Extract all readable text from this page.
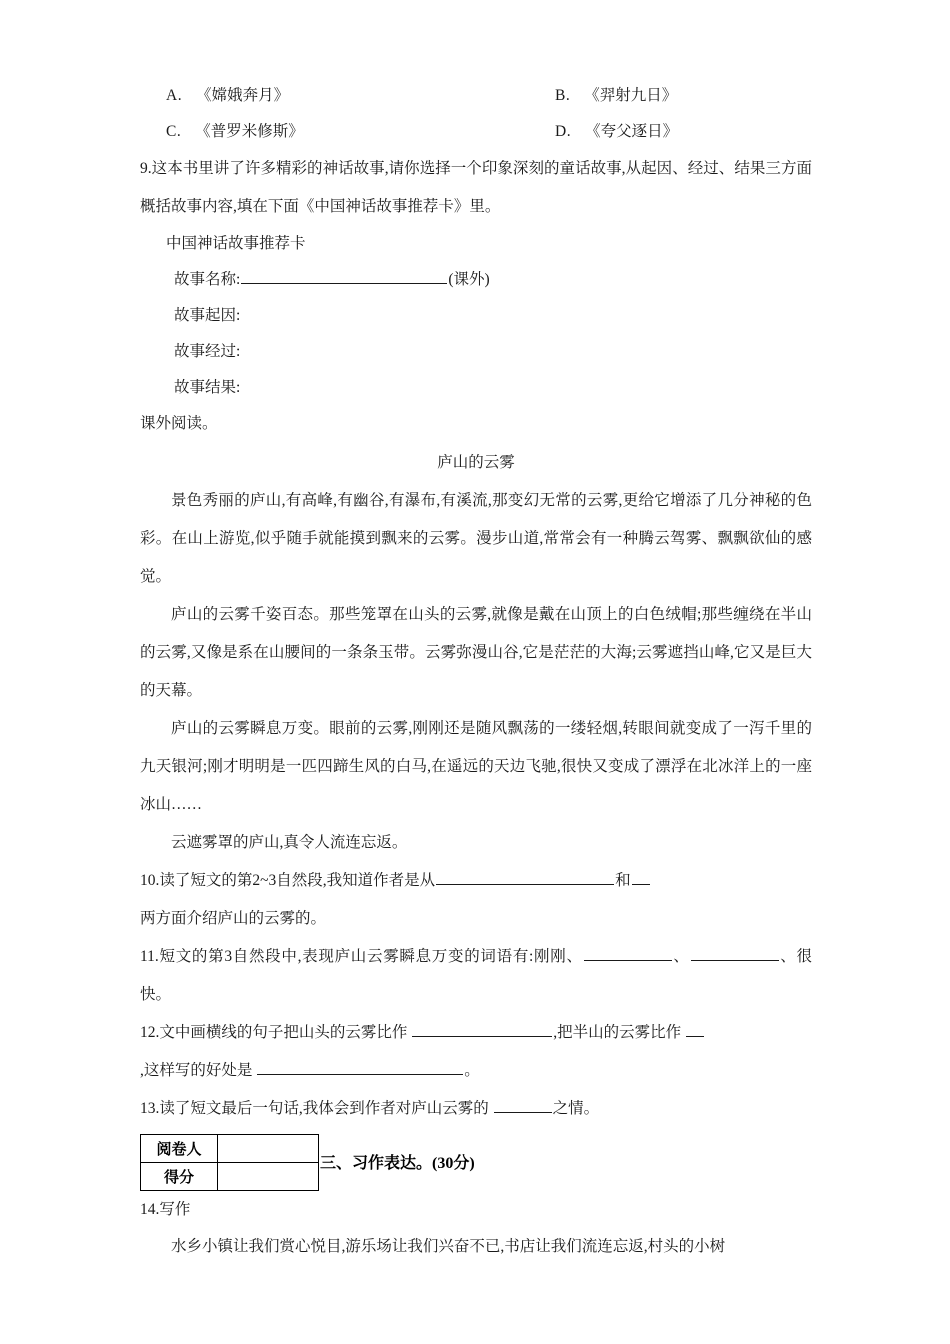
A. 《嫦娥奔月》	B. 《羿射九日》
C. 《普罗米修斯》	D. 《夸父逐日》
9.这本书里讲了许多精彩的神话故事,请你选择一个印象深刻的童话故事,从起因、经过、结果三方面概括故事内容,填在下面《中国神话故事推荐卡》里。
中国神话故事推荐卡
故事名称:	(课外)
故事起因:
故事经过:
故事结果:
课外阅读。
庐山的云雾
景色秀丽的庐山,有高峰,有幽谷,有瀑布,有溪流,那变幻无常的云雾,更给它增添了几分神秘的色彩。在山上游览,似乎随手就能摸到飘来的云雾。漫步山道,常常会有一种腾云驾雾、飘飘欲仙的感觉。
庐山的云雾千姿百态。那些笼罩在山头的云雾,就像是戴在山顶上的白色绒帽;那些缠绕在半山的云雾,又像是系在山腰间的一条条玉带。云雾弥漫山谷,它是茫茫的大海;云雾遮挡山峰,它又是巨大的天幕。
庐山的云雾瞬息万变。眼前的云雾,刚刚还是随风飘荡的一缕轻烟,转眼间就变成了一泻千里的九天银河;刚才明明是一匹四蹄生风的白马,在遥远的天边飞驰,很快又变成了漂浮在北冰洋上的一座冰山……
云遮雾罩的庐山,真令人流连忘返。
10.读了短文的第2~3自然段,我知道作者是从	和
两方面介绍庐山的云雾的。
11.短文的第3自然段中,表现庐山云雾瞬息万变的词语有:刚刚、	、	、很快。
12.文中画横线的句子把山头的云雾比作	,把半山的云雾比作
,这样写的好处是	。
13.读了短文最后一句话,我体会到作者对庐山云雾的	之情。
阅卷人	
得分	
三、习作表达。(30分)
14.写作
水乡小镇让我们赏心悦目,游乐场让我们兴奋不已,书店让我们流连忘返,村头的小树
